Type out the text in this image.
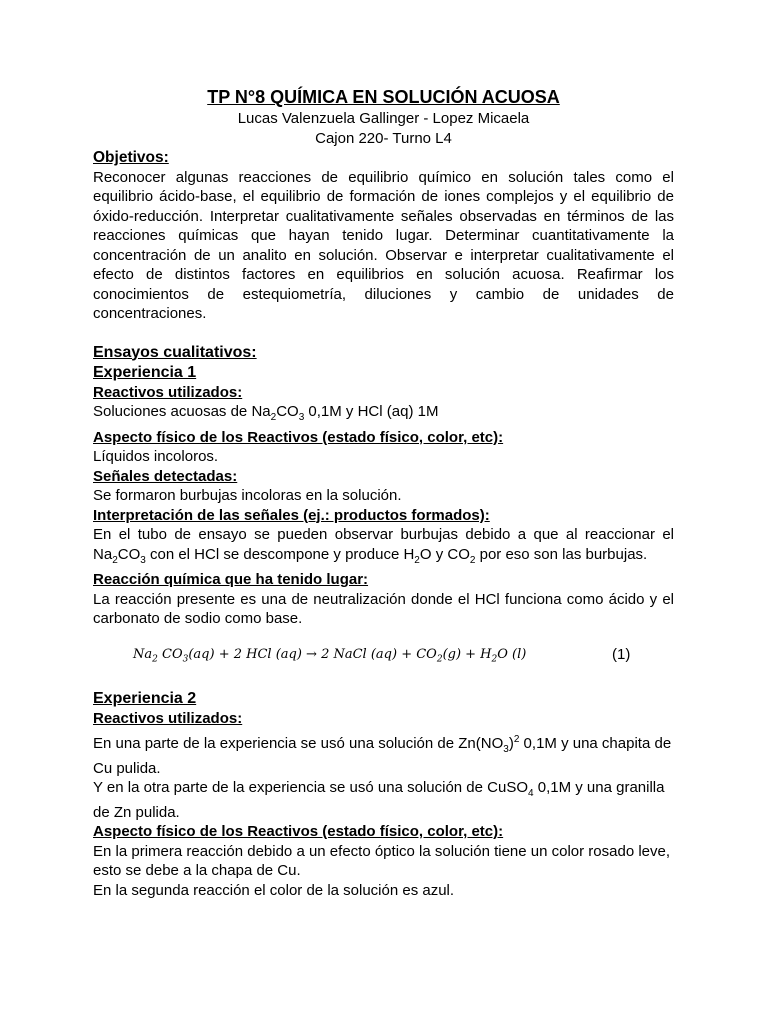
TP N°8 QUÍMICA EN SOLUCIÓN ACUOSA
Lucas Valenzuela Gallinger - Lopez Micaela
Cajon 220- Turno L4
Objetivos:
Reconocer algunas reacciones de equilibrio químico en solución tales como el equilibrio ácido-base, el equilibrio de formación de iones complejos y el equilibrio de óxido-reducción. Interpretar cualitativamente señales observadas en términos de las reacciones químicas que hayan tenido lugar. Determinar cuantitativamente la concentración de un analito en solución. Observar e interpretar cualitativamente el efecto de distintos factores en equilibrios en solución acuosa. Reafirmar los conocimientos de estequiometría, diluciones y cambio de unidades de concentraciones.
Ensayos cualitativos:
Experiencia 1
Reactivos utilizados:
Soluciones acuosas de $Na_2CO_3$ 0,1M y HCl (aq) 1M
Aspecto físico de los Reactivos (estado físico, color, etc):
Líquidos incoloros.
Señales detectadas:
Se formaron burbujas incoloras en la solución.
Interpretación de las señales (ej.: productos formados):
En el tubo de ensayo se pueden observar burbujas debido a que al reaccionar el $Na_2CO_3$ con el HCl se descompone y produce $H_2O$ y $CO_2$ por eso son las burbujas.
Reacción química que ha tenido lugar:
La reacción presente es una de neutralización donde el HCl funciona como ácido y el carbonato de sodio como base.
$Na_2$ $CO_3(aq) + 2$ HCl (aq) → 2 NaCl $(aq) + CO_2(g) + H_2O$ (l)	(1)
Experiencia 2
Reactivos utilizados:
En una parte de la experiencia se usó una solución de $Zn(NO_3)^2$ 0,1M y una chapita de Cu pulida.
Y en la otra parte de la experiencia se usó una solución de CuSO$_4$ 0,1M y una granilla de Zn pulida.
Aspecto físico de los Reactivos (estado físico, color, etc):
En la primera reacción debido a un efecto óptico la solución tiene un color rosado leve, esto se debe a la chapa de Cu.
En la segunda reacción el color de la solución es azul.
